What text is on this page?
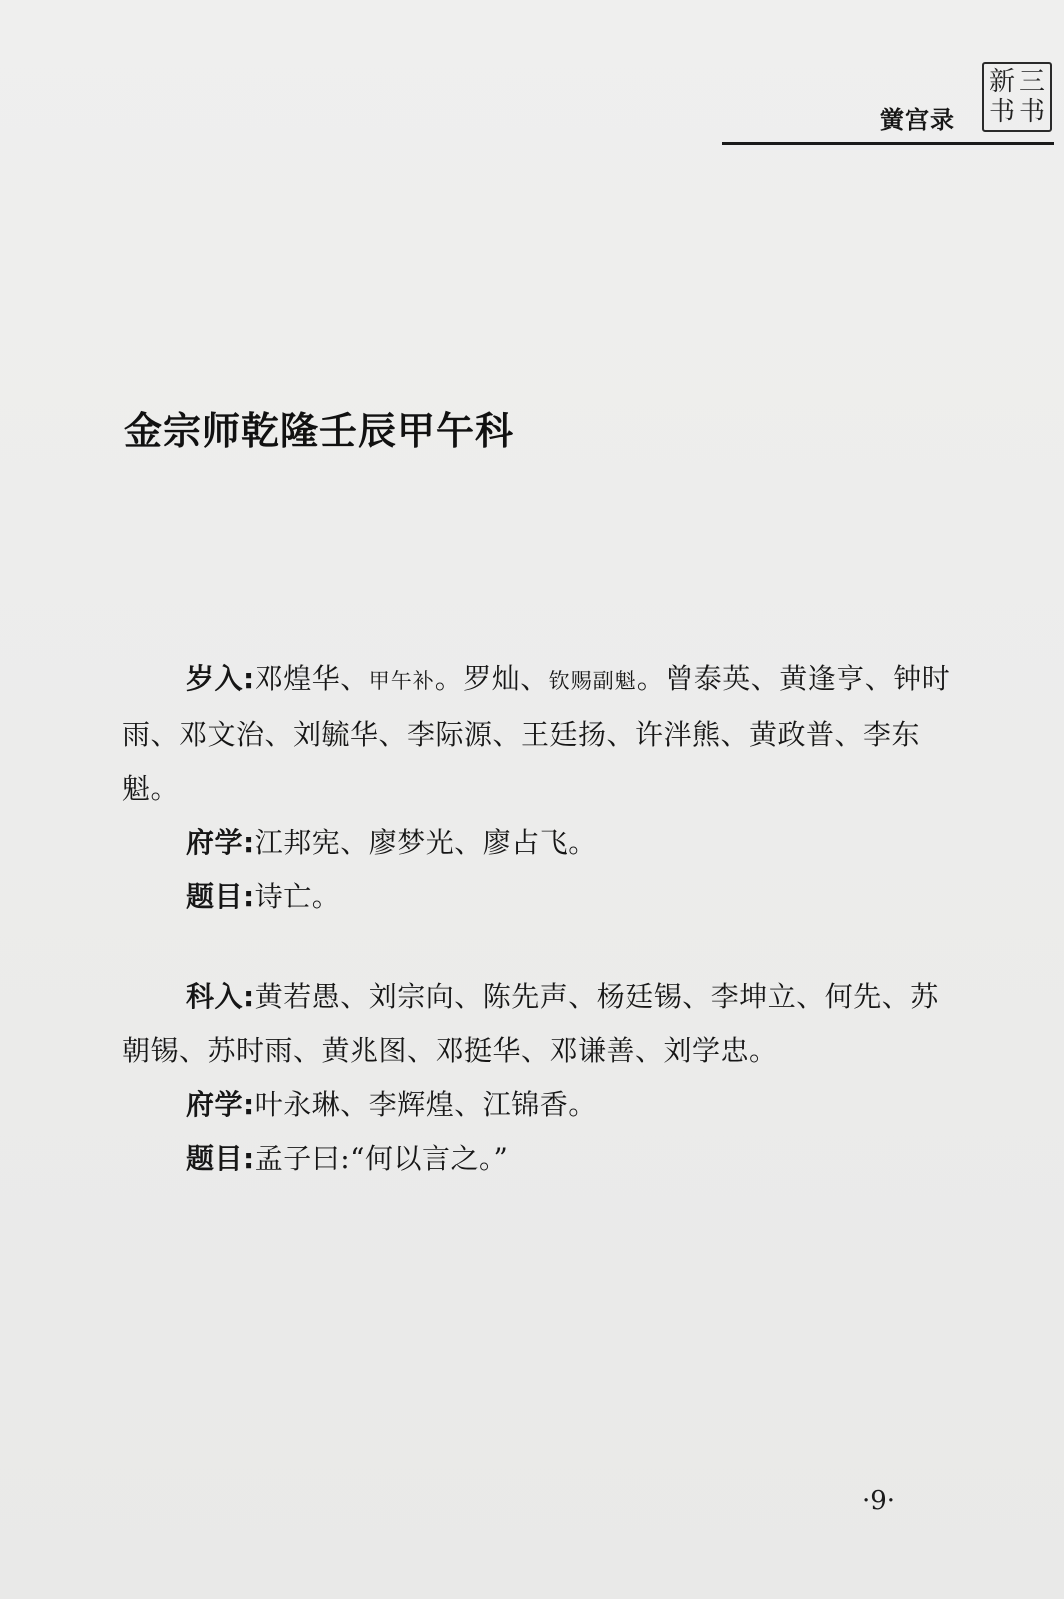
黉宫录
新 三
书 书
金宗师乾隆壬辰甲午科

岁入:邓煌华、甲午补。罗灿、钦赐副魁。曾泰英、黄逢亨、钟时雨、邓文治、刘毓华、李际源、王廷扬、许泮熊、黄政普、李东魁。

府学:江邦宪、廖梦光、廖占飞。

题目:诗亡。

科入:黄若愚、刘宗向、陈先声、杨廷锡、李坤立、何先、苏朝锡、苏时雨、黄兆图、邓挺华、邓谦善、刘学忠。

府学:叶永琳、李辉煌、江锦香。

题目:孟子曰:“何以言之。”

·9·
